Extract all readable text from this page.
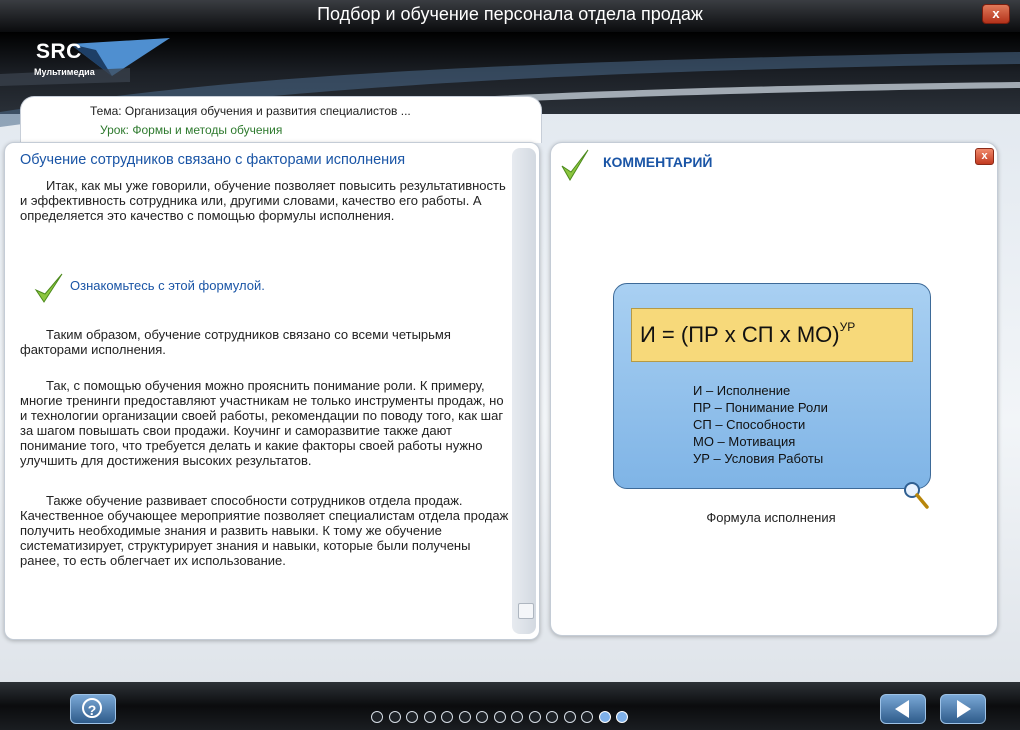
Подбор и обучение персонала отдела продаж	x
SRC
Мультимедиа
Тема: Организация обучения и развития специалистов ...
Урок: Формы и методы обучения
Обучение сотрудников связано с факторами исполнения

Итак, как мы уже говорили, обучение позволяет повысить результативность и эффективность сотрудника или, другими словами, качество его работы. А определяется это качество с помощью формулы исполнения.

Таким образом, обучение сотрудников связано со всеми четырьмя факторами исполнения.

Так, с помощью обучения можно прояснить понимание роли. К примеру, многие тренинги предоставляют участникам не только инструменты продаж, но и технологии организации своей работы, рекомендации по поводу того, как шаг за шагом повышать свои продажи. Коучинг и саморазвитие также дают понимание того, что требуется делать и какие факторы своей работы нужно улучшить для достижения высоких результатов.

Также обучение развивает способности сотрудников отдела продаж. Качественное обучающее мероприятие позволяет специалистам отдела продаж получить необходимые знания и развить навыки. К тому же обучение систематизирует, структурирует знания и навыки, которые были получены ранее, то есть облегчает их использование.

Ознакомьтесь с этой формулой.
КОММЕНТАРИЙ	x
И = (ПР x СП x МО)$^{УР}$
И – Исполнение
ПР – Понимание Роли
СП – Способности
МО – Мотивация
УР – Условия Работы
Формула исполнения
?
